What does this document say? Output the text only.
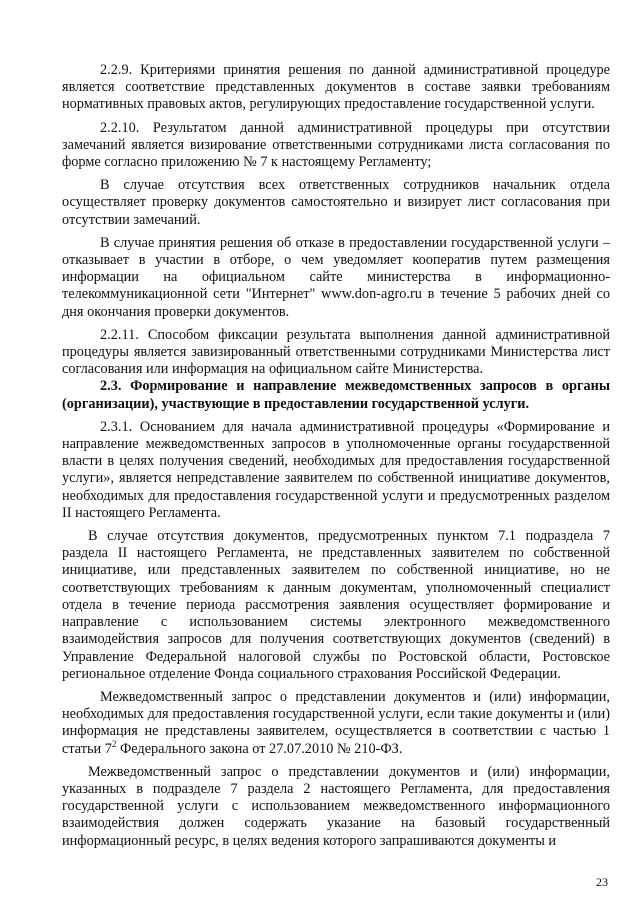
2.2.9. Критериями принятия решения по данной административной процедуре является соответствие представленных документов в составе заявки требованиям нормативных правовых актов, регулирующих предоставление государственной услуги.

2.2.10. Результатом данной административной процедуры при отсутствии замечаний является визирование ответственными сотрудниками листа согласования по форме согласно приложению № 7 к настоящему Регламенту;

В случае отсутствия всех ответственных сотрудников начальник отдела осуществляет проверку документов самостоятельно и визирует лист согласования при отсутствии замечаний.

В случае принятия решения об отказе в предоставлении государственной услуги – отказывает в участии в отборе, о чем уведомляет кооператив путем размещения информации на официальном сайте министерства в информационно-телекоммуникационной сети "Интернет" www.don-agro.ru в течение 5 рабочих дней со дня окончания проверки документов.

2.2.11. Способом фиксации результата выполнения данной административной процедуры является завизированный ответственными сотрудниками Министерства лист согласования или информация на официальном сайте Министерства.

2.3. Формирование и направление межведомственных запросов в органы (организации), участвующие в предоставлении государственной услуги.

2.3.1. Основанием для начала административной процедуры «Формирование и направление межведомственных запросов в уполномоченные органы государственной власти в целях получения сведений, необходимых для предоставления государственной услуги», является непредставление заявителем по собственной инициативе документов, необходимых для предоставления государственной услуги и предусмотренных разделом II настоящего Регламента.

В случае отсутствия документов, предусмотренных пунктом 7.1 подраздела 7 раздела II настоящего Регламента, не представленных заявителем по собственной инициативе, или представленных заявителем по собственной инициативе, но не соответствующих требованиям к данным документам, уполномоченный специалист отдела в течение периода рассмотрения заявления осуществляет формирование и направление с использованием системы электронного межведомственного взаимодействия запросов для получения соответствующих документов (сведений) в Управление Федеральной налоговой службы по Ростовской области, Ростовское региональное отделение Фонда социального страхования Российской Федерации.

Межведомственный запрос о представлении документов и (или) информации, необходимых для предоставления государственной услуги, если такие документы и (или) информация не представлены заявителем, осуществляется в соответствии с частью 1 статьи $7^2$ Федерального закона от 27.07.2010 № 210-ФЗ.

Межведомственный запрос о представлении документов и (или) информации, указанных в подразделе 7 раздела 2 настоящего Регламента, для предоставления государственной услуги с использованием межведомственного информационного взаимодействия должен содержать указание на базовый государственный информационный ресурс, в целях ведения которого запрашиваются документы и

23
